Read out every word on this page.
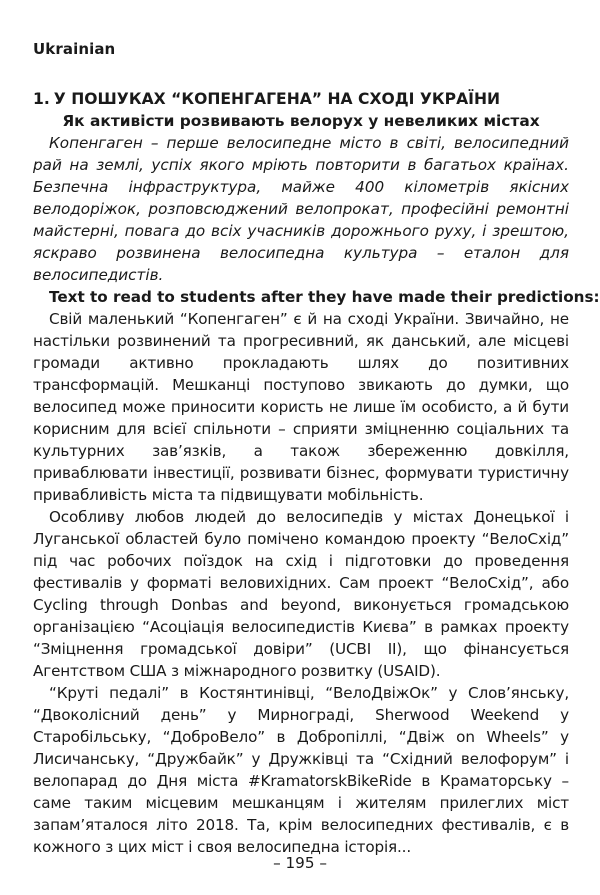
Ukrainian

1. У ПОШУКАХ “КОПЕНГАГЕНА” НА СХОДІ УКРАЇНИ

Як активісти розвивають велорух у невеликих містах

Копенгаген – перше велосипедне місто в світі, велосипедний рай на землі, успіх якого мріють повторити в багатьох країнах. Безпечна інфраструктура, майже 400 кілометрів якісних велодоріжок, розповсюджений велопрокат, професійні ремонтні майстерні, повага до всіх учасників дорожнього руху, і зрештою, яскраво розвинена велосипедна культура – еталон для велосипедистів.

Text to read to students after they have made their predictions:

Свій маленький “Копенгаген” є й на сході України. Звичайно, не настільки розвинений та прогресивний, як данський, але місцеві громади активно прокладають шлях до позитивних трансформацій. Мешканці поступово звикають до думки, що велосипед може приносити користь не лише їм особисто, а й бути корисним для всієї спільноти – сприяти зміцненню соціальних та культурних зав’язків, а також збереженню довкілля, приваблювати інвестиції, розвивати бізнес, формувати туристичну привабливість міста та підвищувати мобільність.

Особливу любов людей до велосипедів у містах Донецької і Луганської областей було помічено командою проекту “ВелоСхід” під час робочих поїздок на схід і підготовки до проведення фестивалів у форматі веловихідних. Сам проект “ВелоСхід”, або Cycling through Donbas and beyond, виконується громадською організацією “Асоціація велосипедистів Києва” в рамках проекту “Зміцнення громадської довіри” (UCBI II), що фінансується Агентством США з міжнародного розвитку (USAID).

“Круті педалі” в Костянтинівці, “ВелоДвіжОк” у Слов’янську, “Двоколісний день” у Мирнограді, Sherwood Weekend у Старобільську, “ДоброВело” в Добропіллі, “Двіж on Wheels” у Лисичанську, “Дружбайк” у Дружківці та “Східний велофорум” і велопарад до Дня міста #KramatorskBikeRide в Краматорську – саме таким місцевим мешканцям і жителям прилеглих міст запам’яталося літо 2018. Та, крім велосипедних фестивалів, є в кожного з цих міст і своя велосипедна історія...

– 195 –
